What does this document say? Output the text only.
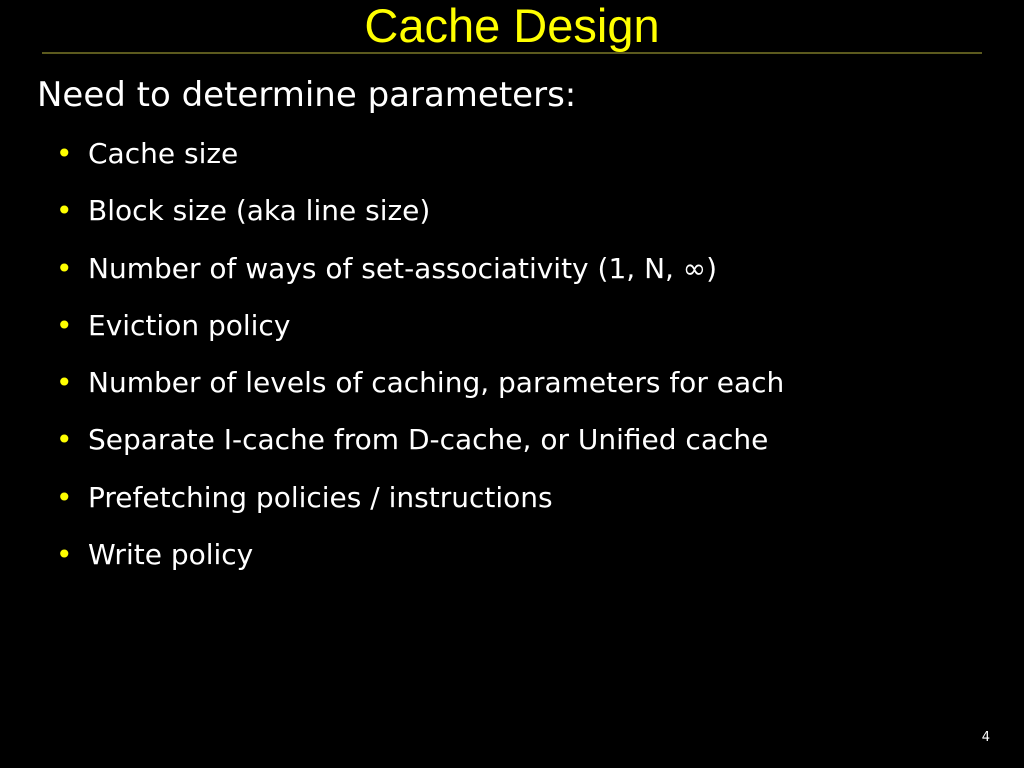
Cache Design
Need to determine parameters:
• Cache size
• Block size (aka line size)
• Number of ways of set-associativity (1, N, ∞)
• Eviction policy
• Number of levels of caching, parameters for each
• Separate I-cache from D-cache, or Unified cache
• Prefetching policies / instructions
• Write policy
4
